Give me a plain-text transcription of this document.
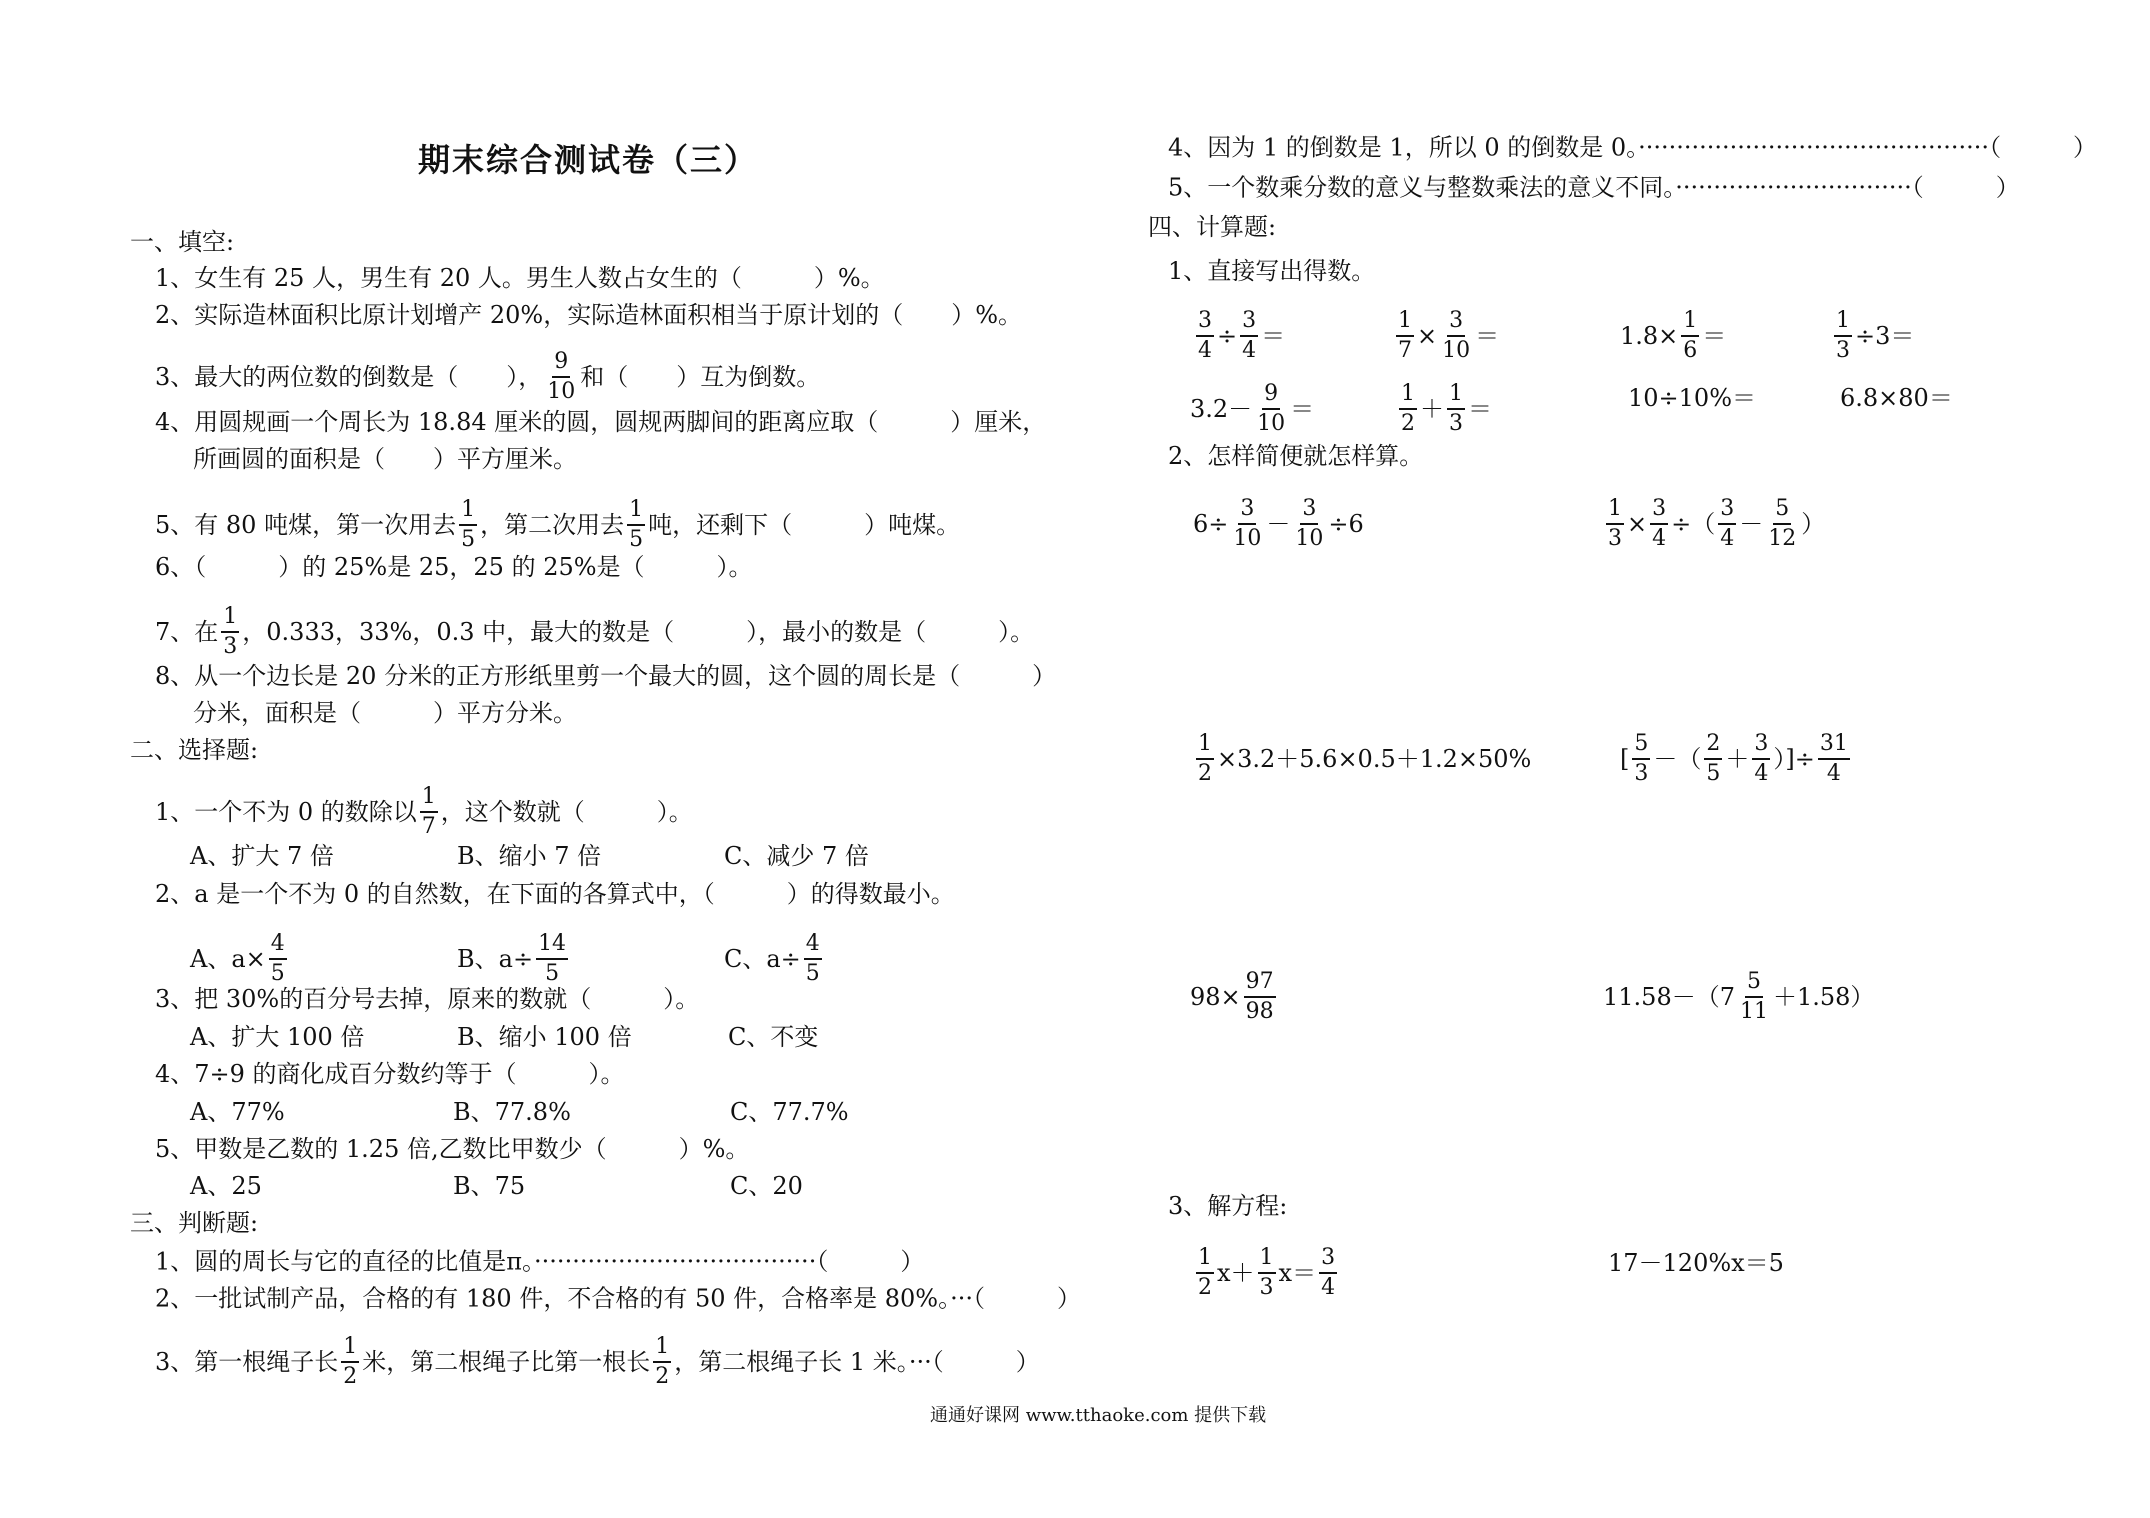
期末综合测试卷（三）
一、填空:
1、女生有 25 人，男生有 20 人。男生人数占女生的（　　　）%。
2、实际造林面积比原计划增产 20%，实际造林面积相当于原计划的（　　）%。
3、最大的两位数的倒数是（　　）， $\frac{9}{10}$ 和（　　）互为倒数。
4、用圆规画一个周长为 18.84 厘米的圆，圆规两脚间的距离应取（　　　）厘米，
所画圆的面积是（　　）平方厘米。
5、有 80 吨煤，第一次用去 $\frac{1}{5}$ ，第二次用去 $\frac{1}{5}$ 吨，还剩下（　　　）吨煤。
6、（　　　）的 25%是 25，25 的 25%是（　　　）。
7、在 $\frac{1}{3}$ ，0.333，33%，0.3 中，最大的数是（　　　），最小的数是（　　　）。
8、从一个边长是 20 分米的正方形纸里剪一个最大的圆，这个圆的周长是（　　　）
分米，面积是（　　　）平方分米。
二、选择题:
1、一个不为 0 的数除以 $\frac{1}{7}$ ，这个数就（　　　）。
A、扩大 7 倍	B、缩小 7 倍	C、减少 7 倍
2、a 是一个不为 0 的自然数，在下面的各算式中，（　　　）的得数最小。
A、$a\times \frac{4}{5}$	B、$a\div \frac{14}{5}$	C、$a\div \frac{4}{5}$
3、把 30%的百分号去掉，原来的数就（　　　）。
A、扩大 100 倍	B、缩小 100 倍	C、不变
4、7÷9 的商化成百分数约等于（　　　）。
A、77%	B、77.8%	C、77.7%
5、甲数是乙数的 1.25 倍,乙数比甲数少（　　　）%。
A、25	B、75	C、20
三、判断题:
1、圆的周长与它的直径的比值是π。·····································（　　　）
2、一批试制产品，合格的有 180 件，不合格的有 50 件，合格率是 80%。···（　　　）
3、第一根绳子长 $\frac{1}{2}$ 米，第二根绳子比第一根长 $\frac{1}{2}$ ，第二根绳子长 1 米。···（　　　）
4、因为 1 的倒数是 1，所以 0 的倒数是 0。··············································（　　　）
5、一个数乘分数的意义与整数乘法的意义不同。·······························（　　　）
四、计算题:
1、直接写出得数。
$\frac{3}{4} \div \frac{3}{4}$ ＝	$\frac{1}{7} \times \frac{3}{10}$ ＝	$1.8\times \frac{1}{6}$ ＝	$\frac{1}{3} \div 3=$
$3.2- \frac{9}{10}$ ＝	$\frac{1}{2} + \frac{1}{3}$ ＝	10÷10%＝	6.8×80＝
2、怎样简便就怎样算。
$6\div \frac{3}{10} - \frac{3}{10} \div 6$	$\frac{1}{3} \times \frac{3}{4}$ ÷（ $\frac{3}{4} - \frac{5}{12}$ ）
$\frac{1}{2} \times 3.2+5.6\times 0.5+1.2\times 50\%$	[ $\frac{5}{3}$ －（ $\frac{2}{5} + \frac{3}{4}$ ）]÷ $\frac{31}{4}$
$98\times \frac{97}{98}$	$11.58-(7 \frac{5}{11} +1.58)$
3、解方程:
$\frac{1}{2} x+ \frac{1}{3} x= \frac{3}{4}$	17－120%x＝5
通通好课网 www.tthaoke.com 提供下载
